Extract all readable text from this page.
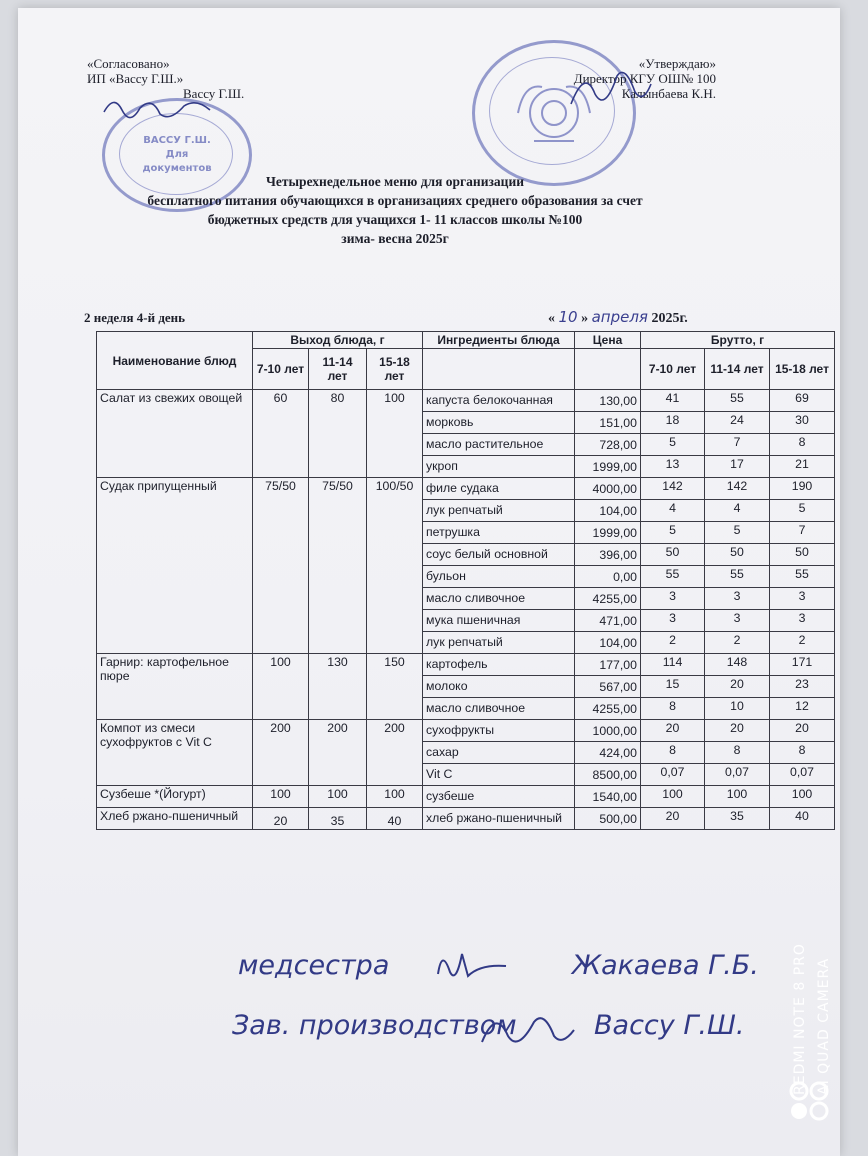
ВАССУ Г.Ш. Для документов
«Согласовано»
ИП «Вассу Г.Ш.»
Вассу Г.Ш.
«Утверждаю»
Директор КГУ ОШ№ 100
Калынбаева К.Н.
Четырехнедельное меню для организации
бесплатного питания обучающихся в организациях среднего образования за счет
бюджетных средств для учащихся 1- 11 классов школы №100
зима- весна 2025г
2 неделя 4-й день	« 10 » апреля 2025г.
Наименование блюд	Выход блюда, г			Ингредиенты блюда	Цена	Брутто, г		
	7-10 лет	11-14 лет	15-18 лет			7-10 лет	11-14 лет	15-18 лет
Салат из свежих овощей	60	80	100	капуста белокочанная	130,00	41	55	69
				морковь	151,00	18	24	30
				масло растительное	728,00	5	7	8
				укроп	1999,00	13	17	21
Судак припущенный	75/50	75/50	100/50	филе судака	4000,00	142	142	190
				лук репчатый	104,00	4	4	5
				петрушка	1999,00	5	5	7
				соус белый основной	396,00	50	50	50
				бульон	0,00	55	55	55
				масло сливочное	4255,00	3	3	3
				мука пшеничная	471,00	3	3	3
				лук репчатый	104,00	2	2	2
Гарнир: картофельное пюре	100	130	150	картофель	177,00	114	148	171
				молоко	567,00	15	20	23
				масло сливочное	4255,00	8	10	12
Компот из смеси сухофруктов с Vit C	200	200	200	сухофрукты	1000,00	20	20	20
				сахар	424,00	8	8	8
				Vit C	8500,00	0,07	0,07	0,07
Сузбеше *(Йогурт)	100	100	100	сузбеше	1540,00	100	100	100
Хлеб ржано-пшеничный	20	35	40	хлеб ржано-пшеничный	500,00	20	35	40
медсестра	Жакаева Г.Б.
Зав. производством	Вассу Г.Ш.	REDMI NOTE 8 PRO AI QUAD CAMERA
